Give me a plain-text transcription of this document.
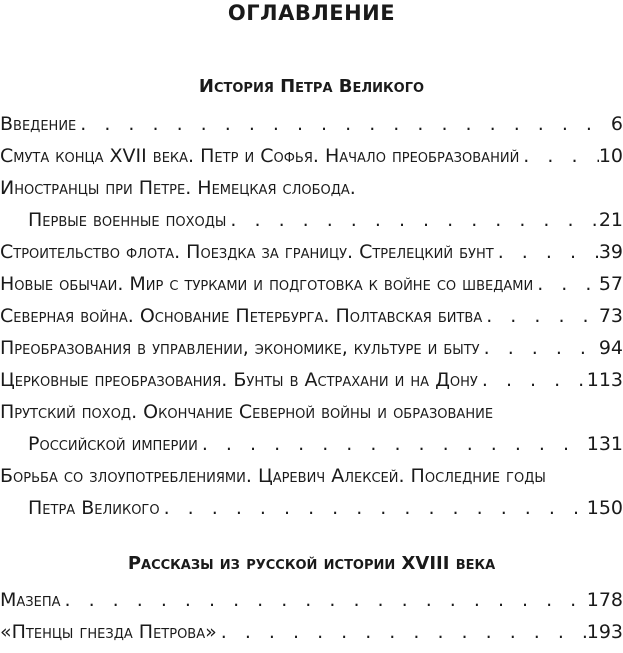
ОГЛАВЛЕНИЕ
История Петра Великого
Введение . . .	6
Смута конца XVII века. Петр и Софья. Начало преобразований . . .	10
Иностранцы при Петре. Немецкая слобода.
Первые военные походы . . .	21
Строительство флота. Поездка за границу. Стрелецкий бунт . . .	39
Новые обычаи. Мир с турками и подготовка к войне со шведами . . .	57
Северная война. Основание Петербурга. Полтавская битва . . .	73
Преобразования в управлении, экономике, культуре и быту . . .	94
Церковные преобразования. Бунты в Астрахани и на Дону . . .	113
Прутский поход. Окончание Северной войны и образование
Российской империи . . .	131
Борьба со злоупотреблениями. Царевич Алексей. Последние годы
Петра Великого . . .	150
Рассказы из русской истории XVIII века
Мазепа . . .	178
«Птенцы гнезда Петрова» . . .	193
